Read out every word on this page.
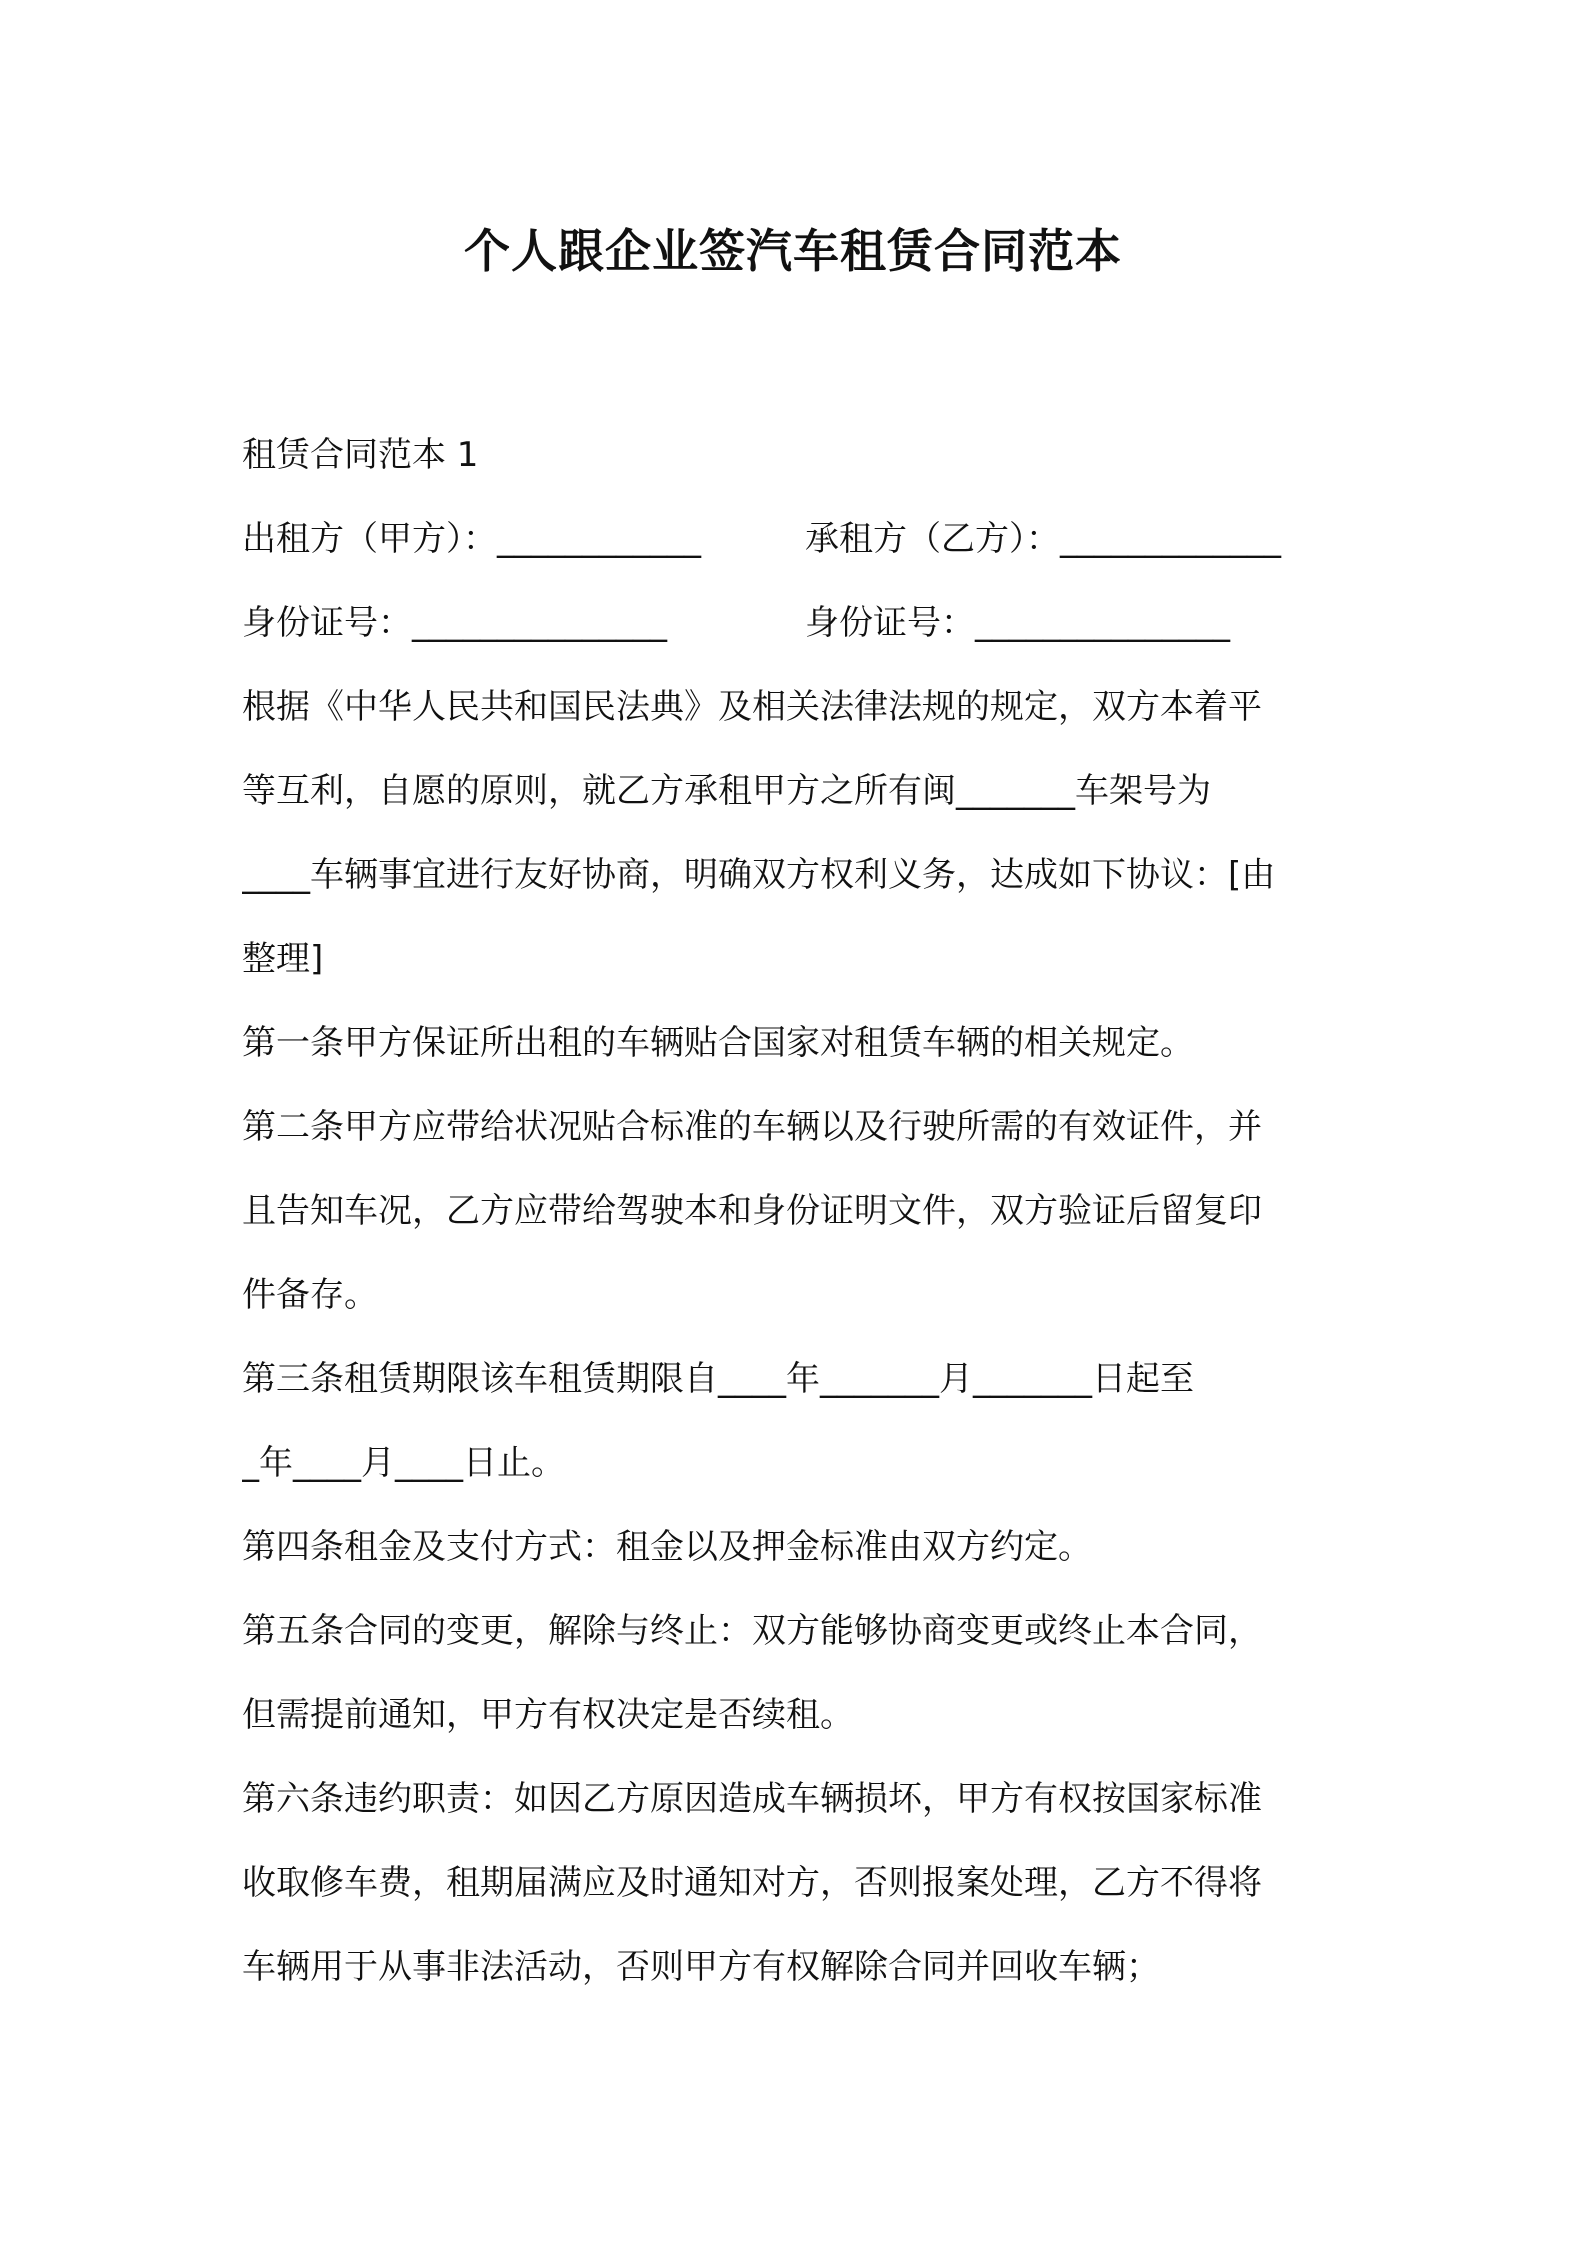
个人跟企业签汽车租赁合同范本
租赁合同范本 1
出租方（甲方）：____________	承租方（乙方）：_____________
身份证号：_______________	身份证号：_______________
根据《中华人民共和国民法典》及相关法律法规的规定，双方本着平
等互利，自愿的原则，就乙方承租甲方之所有闽_______车架号为
____车辆事宜进行友好协商，明确双方权利义务，达成如下协议：[由
整理]
第一条甲方保证所出租的车辆贴合国家对租赁车辆的相关规定。
第二条甲方应带给状况贴合标准的车辆以及行驶所需的有效证件，并
且告知车况，乙方应带给驾驶本和身份证明文件，双方验证后留复印
件备存。
第三条租赁期限该车租赁期限自____年_______月_______日起至
_年____月____日止。
第四条租金及支付方式：租金以及押金标准由双方约定。
第五条合同的变更，解除与终止：双方能够协商变更或终止本合同，
但需提前通知，甲方有权决定是否续租。
第六条违约职责：如因乙方原因造成车辆损坏，甲方有权按国家标准
收取修车费，租期届满应及时通知对方，否则报案处理，乙方不得将
车辆用于从事非法活动，否则甲方有权解除合同并回收车辆；
